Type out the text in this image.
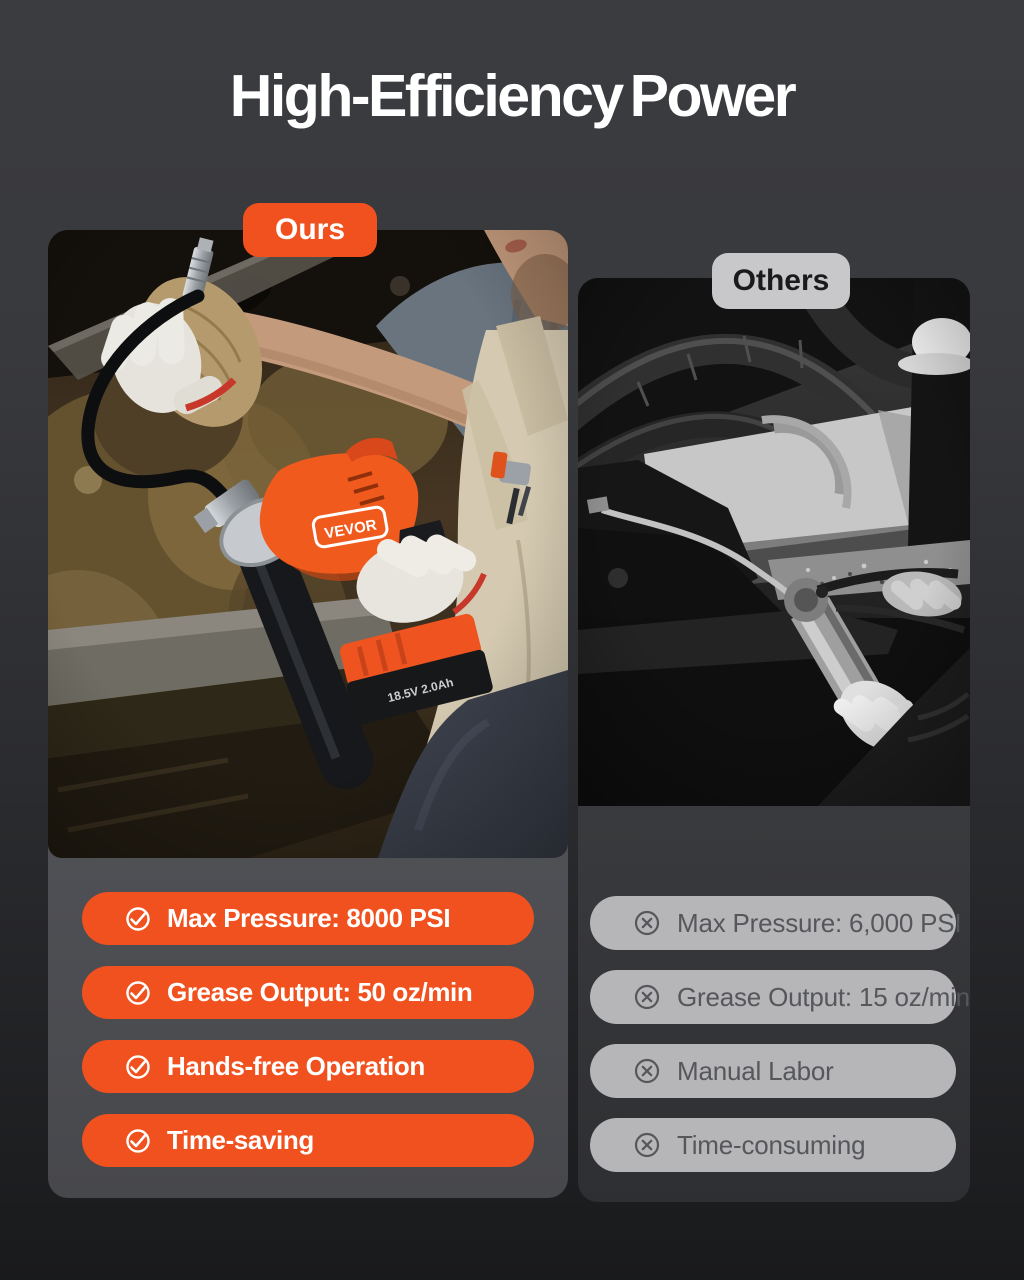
High-Efficiency Power
Max Pressure: 8000 PSI
Grease Output: 50 oz/min
Hands-free Operation
Time-saving
Ours
Max Pressure: 6,000 PSI
Grease Output: 15 oz/min
Manual Labor
Time-consuming
Others
